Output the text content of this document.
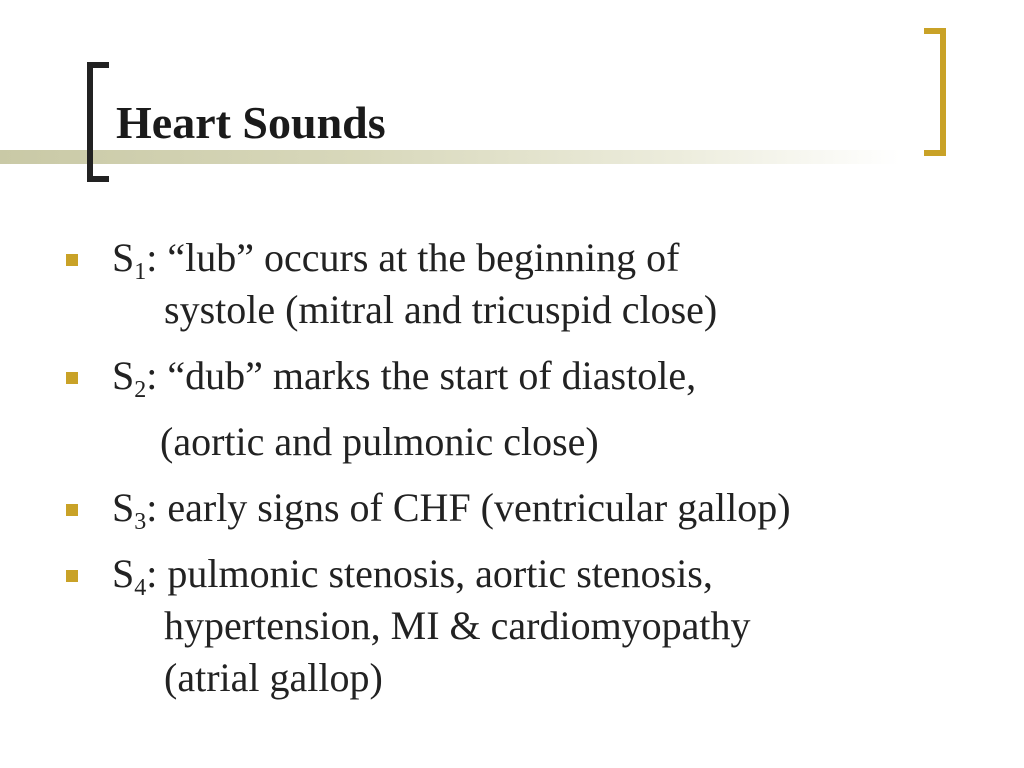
Heart Sounds
$S_1$: “lub” occurs at the beginning of
systole (mitral and tricuspid close)
$S_2$: “dub” marks the start of diastole,
(aortic and pulmonic close)
$S_3$: early signs of CHF (ventricular gallop)
$S_4$: pulmonic stenosis, aortic stenosis,
hypertension, MI & cardiomyopathy
(atrial gallop)
